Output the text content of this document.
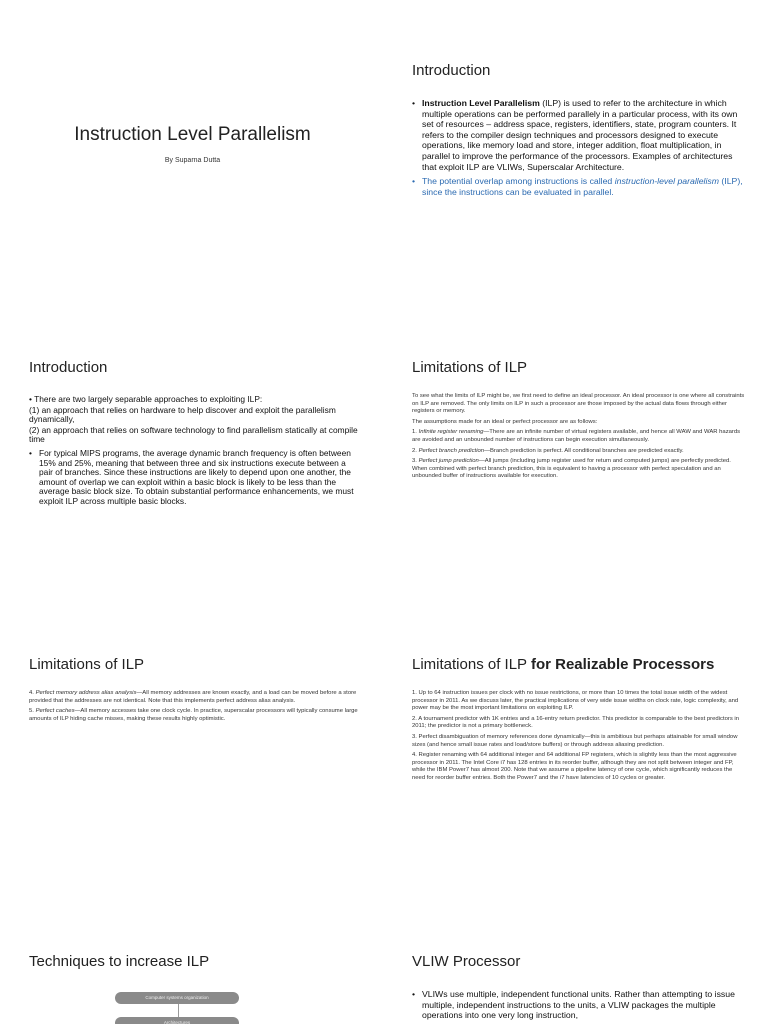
Instruction Level Parallelism
By Suparna Dutta
Introduction
• Instruction Level Parallelism (ILP) is used to refer to the architecture in which multiple operations can be performed parallely in a particular process, with its own set of resources – address space, registers, identifiers, state, program counters. It refers to the compiler design techniques and processors designed to execute operations, like memory load and store, integer addition, float multiplication, in parallel to improve the performance of the processors. Examples of architectures that exploit ILP are VLIWs, Superscalar Architecture.
• The potential overlap among instructions is called instruction-level parallelism (ILP), since the instructions can be evaluated in parallel.
Introduction
• There are two largely separable approaches to exploiting ILP:
(1) an approach that relies on hardware to help discover and exploit the parallelism dynamically,
(2) an approach that relies on software technology to find parallelism statically at compile time
• For typical MIPS programs, the average dynamic branch frequency is often between 15% and 25%, meaning that between three and six instructions execute between a pair of branches. Since these instructions are likely to depend upon one another, the amount of overlap we can exploit within a basic block is likely to be less than the average basic block size. To obtain substantial performance enhancements, we must exploit ILP across multiple basic blocks.
Limitations of ILP

To see what the limits of ILP might be, we first need to define an ideal processor. An ideal processor is one where all constraints on ILP are removed. The only limits on ILP in such a processor are those imposed by the actual data flows through either registers or memory.

The assumptions made for an ideal or perfect processor are as follows:

1. Infinite register renaming—There are an infinite number of virtual registers available, and hence all WAW and WAR hazards are avoided and an unbounded number of instructions can begin execution simultaneously.

2. Perfect branch prediction—Branch prediction is perfect. All conditional branches are predicted exactly.

3. Perfect jump prediction—All jumps (including jump register used for return and computed jumps) are perfectly predicted. When combined with perfect branch prediction, this is equivalent to having a processor with perfect speculation and an unbounded buffer of instructions available for execution.

Limitations of ILP

4. Perfect memory address alias analysis—All memory addresses are known exactly, and a load can be moved before a store provided that the addresses are not identical. Note that this implements perfect address alias analysis.

5. Perfect caches—All memory accesses take one clock cycle. In practice, superscalar processors will typically consume large amounts of ILP hiding cache misses, making these results highly optimistic.

Limitations of ILP for Realizable Processors

1. Up to 64 instruction issues per clock with no issue restrictions, or more than 10 times the total issue width of the widest processor in 2011. As we discuss later, the practical implications of very wide issue widths on clock rate, logic complexity, and power may be the most important limitations on exploiting ILP.

2. A tournament predictor with 1K entries and a 16-entry return predictor. This predictor is comparable to the best predictors in 2011; the predictor is not a primary bottleneck.

3. Perfect disambiguation of memory references done dynamically—this is ambitious but perhaps attainable for small window sizes (and hence small issue rates and load/store buffers) or through address aliasing prediction.

4. Register renaming with 64 additional integer and 64 additional FP registers, which is slightly less than the most aggressive processor in 2011. The Intel Core i7 has 128 entries in its reorder buffer, although they are not split between integer and FP, while the IBM Power7 has almost 200. Note that we assume a pipeline latency of one cycle, which significantly reduces the need for reorder buffer entries. Both the Power7 and the i7 have latencies of 10 cycles or greater.

Techniques to increase ILP
Computer systems organization
Architectures
VLIW Processor
• VLIWs use multiple, independent functional units. Rather than attempting to issue multiple, independent instructions to the units, a VLIW packages the multiple operations into one very long instruction,
